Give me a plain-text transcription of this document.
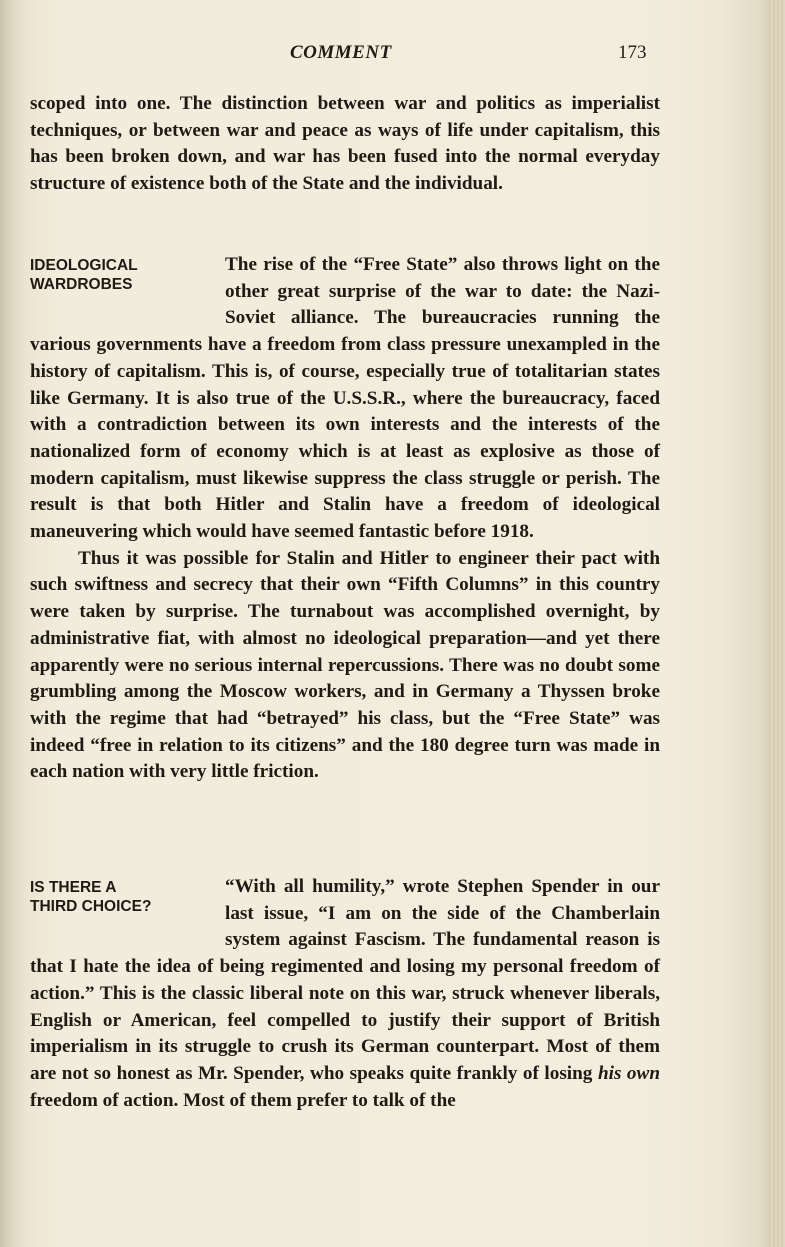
COMMENT	173
scoped into one. The distinction between war and politics as imperialist techniques, or between war and peace as ways of life under capitalism, this has been broken down, and war has been fused into the normal everyday structure of existence both of the State and the individual.
IDEOLOGICAL
WARDROBES

The rise of the “Free State” also throws light on the other great surprise of the war to date: the Nazi-Soviet alliance. The bureaucracies running the various governments have a freedom from class pressure unexampled in the history of capitalism. This is, of course, especially true of totalitarian states like Germany. It is also true of the U.S.S.R., where the bureaucracy, faced with a contradiction between its own interests and the interests of the nationalized form of economy which is at least as explosive as those of modern capitalism, must likewise suppress the class struggle or perish. The result is that both Hitler and Stalin have a freedom of ideological maneuvering which would have seemed fantastic before 1918.

Thus it was possible for Stalin and Hitler to engineer their pact with such swiftness and secrecy that their own “Fifth Columns” in this country were taken by surprise. The turnabout was accomplished overnight, by administrative fiat, with almost no ideological preparation—and yet there apparently were no serious internal repercussions. There was no doubt some grumbling among the Moscow workers, and in Germany a Thyssen broke with the regime that had “betrayed” his class, but the “Free State” was indeed “free in relation to its citizens” and the 180 degree turn was made in each nation with very little friction.

IS THERE A
THIRD CHOICE?

“With all humility,” wrote Stephen Spender in our last issue, “I am on the side of the Chamberlain system against Fascism. The fundamental reason is that I hate the idea of being regimented and losing my personal freedom of action.” This is the classic liberal note on this war, struck whenever liberals, English or American, feel compelled to justify their support of British imperialism in its struggle to crush its German counterpart. Most of them are not so honest as Mr. Spender, who speaks quite frankly of losing his own freedom of action. Most of them prefer to talk of the
